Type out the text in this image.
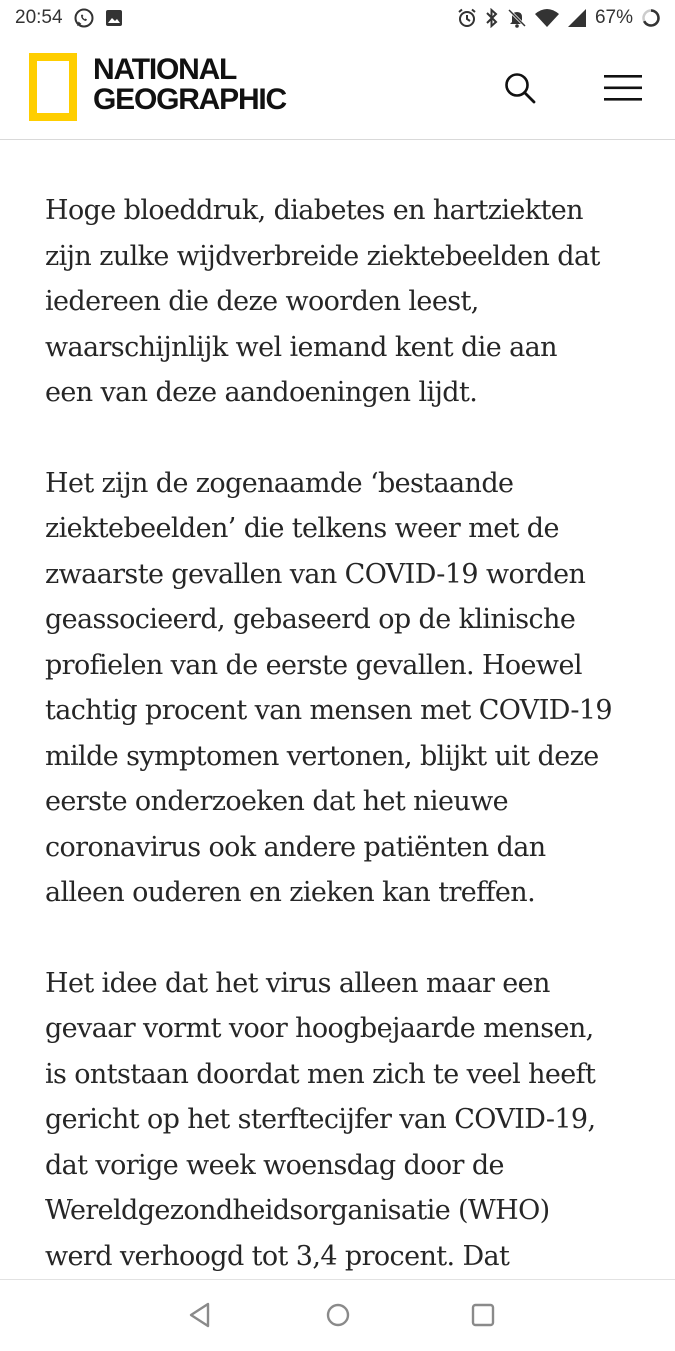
20:54	67%
NATIONAL
GEOGRAPHIC

Hoge bloeddruk, diabetes en hartziekten
zijn zulke wijdverbreide ziektebeelden dat
iedereen die deze woorden leest,
waarschijnlijk wel iemand kent die aan
een van deze aandoeningen lijdt.

Het zijn de zogenaamde ‘bestaande
ziektebeelden’ die telkens weer met de
zwaarste gevallen van COVID-19 worden
geassocieerd, gebaseerd op de klinische
profielen van de eerste gevallen. Hoewel
tachtig procent van mensen met COVID-19
milde symptomen vertonen, blijkt uit deze
eerste onderzoeken dat het nieuwe
coronavirus ook andere patiënten dan
alleen ouderen en zieken kan treffen.

Het idee dat het virus alleen maar een
gevaar vormt voor hoogbejaarde mensen,
is ontstaan doordat men zich te veel heeft
gericht op het sterftecijfer van COVID-19,
dat vorige week woensdag door de
Wereldgezondheidsorganisatie (WHO)
werd verhoogd tot 3,4 procent. Dat
